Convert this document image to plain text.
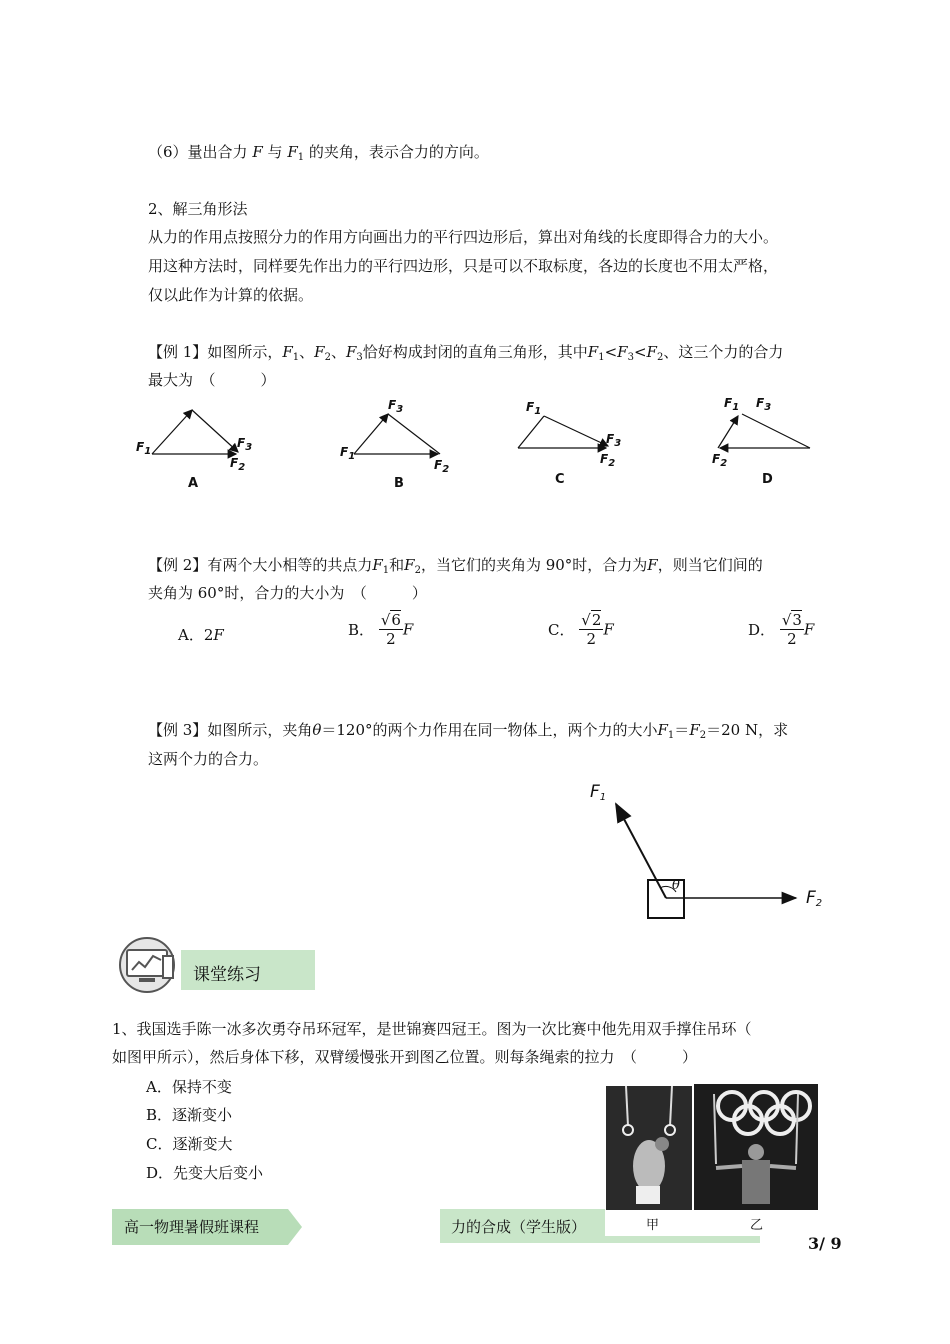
（6）量出合力 F 与 $F_1$ 的夹角，表示合力的方向。
2、解三角形法
从力的作用点按照分力的作用方向画出力的平行四边形后，算出对角线的长度即得合力的大小。
用这种方法时，同样要先作出力的平行四边形，只是可以不取标度，各边的长度也不用太严格，
仅以此作为计算的依据。
【例 1】如图所示，$F_1$、$F_2$、$F_3$恰好构成封闭的直角三角形，其中$F_1<F_3<F_2$、这三个力的合力
最大为　（　　　）
$F_1$
$F_3$
$F_2$
A
$F_3$
$F_1$
$F_2$
B
$F_1$
$F_3$
$F_2$
C
$F_1$ $F_3$
$F_2$
D
【例 2】有两个大小相等的共点力$F_1$和$F_2$，当它们的夹角为 90°时，合力为F，则当它们间的
夹角为 60°时，合力的大小为　（　　　）
A．2F	B． $\frac{√6}{2}$ F	C． $\frac{√2}{2}$ F	D． $\frac{√3}{2}$ F
【例 3】如图所示，夹角θ＝120°的两个力作用在同一物体上，两个力的大小$F_1=F_2=20$ N，求
这两个力的合力。
$F_1$
$F_2$
θ
课堂练习
1、我国选手陈一冰多次勇夺吊环冠军，是世锦赛四冠王。图为一次比赛中他先用双手撑住吊环（
如图甲所示），然后身体下移，双臂缓慢张开到图乙位置。则每条绳索的拉力　（　　　）
A．保持不变
B．逐渐变小
C．逐渐变大
D．先变大后变小
甲	乙
高一物理暑假班课程	力的合成（学生版）
3/ 9
